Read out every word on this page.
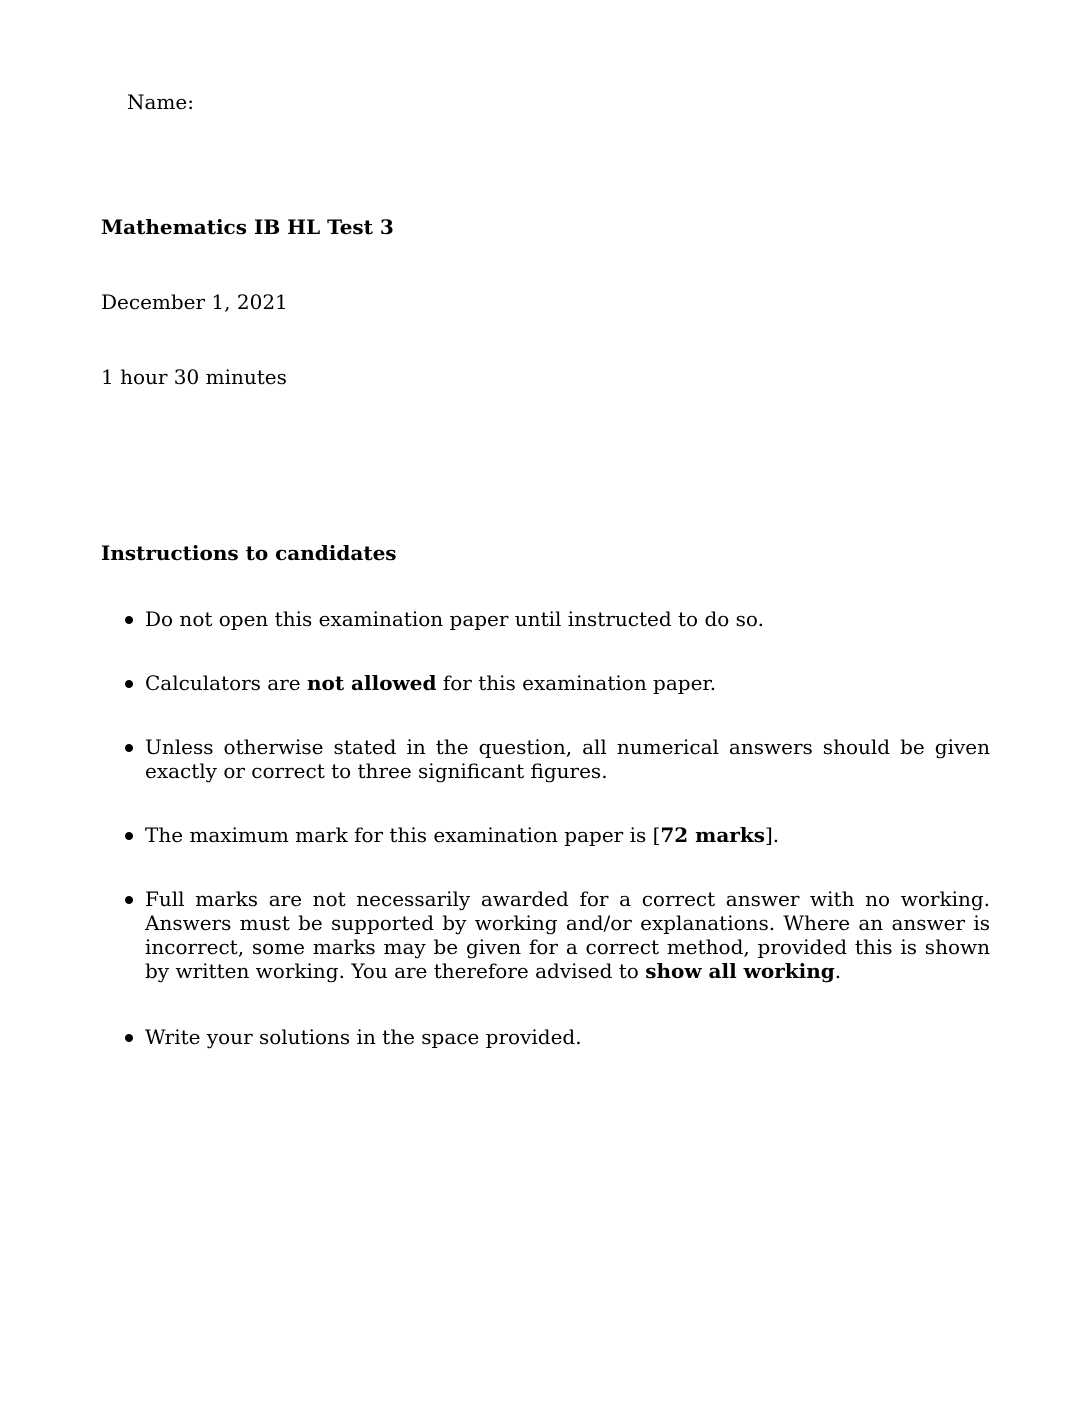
Name:
Mathematics IB HL Test 3
December 1, 2021
1 hour 30 minutes
Instructions to candidates
Do not open this examination paper until instructed to do so.
Calculators are not allowed for this examination paper.
Unless otherwise stated in the question, all numerical answers should be given exactly or correct to three significant figures.
The maximum mark for this examination paper is [72 marks].
Full marks are not necessarily awarded for a correct answer with no working. Answers must be supported by working and/or explanations. Where an answer is incorrect, some marks may be given for a correct method, provided this is shown by written working. You are therefore advised to show all working.
Write your solutions in the space provided.
